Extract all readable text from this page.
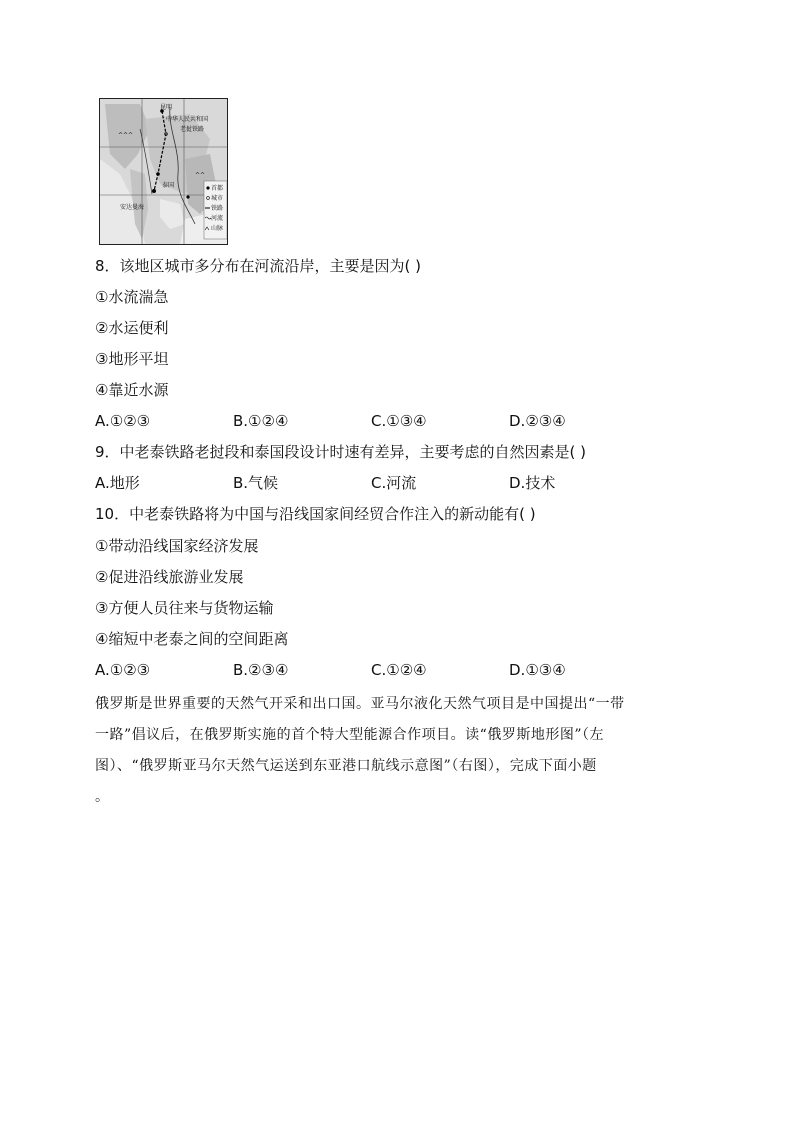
^^^
^^
中华人民共和国
昆明
老挝铁路
泰国
安达曼海
首都
城市
铁路
河流
山脉
8．该地区城市多分布在河流沿岸，主要是因为( )
①水流湍急
②水运便利
③地形平坦
④靠近水源
A.①②③	B.①②④	C.①③④	D.②③④
9．中老泰铁路老挝段和泰国段设计时速有差异，主要考虑的自然因素是( )
A.地形	B.气候	C.河流	D.技术
10．中老泰铁路将为中国与沿线国家间经贸合作注入的新动能有( )
①带动沿线国家经济发展
②促进沿线旅游业发展
③方便人员往来与货物运输
④缩短中老泰之间的空间距离
A.①②③	B.②③④	C.①②④	D.①③④
俄罗斯是世界重要的天然气开采和出口国。亚马尔液化天然气项目是中国提出“一带
一路”倡议后，在俄罗斯实施的首个特大型能源合作项目。读“俄罗斯地形图”（左
图）、“俄罗斯亚马尔天然气运送到东亚港口航线示意图”（右图），完成下面小题
。
